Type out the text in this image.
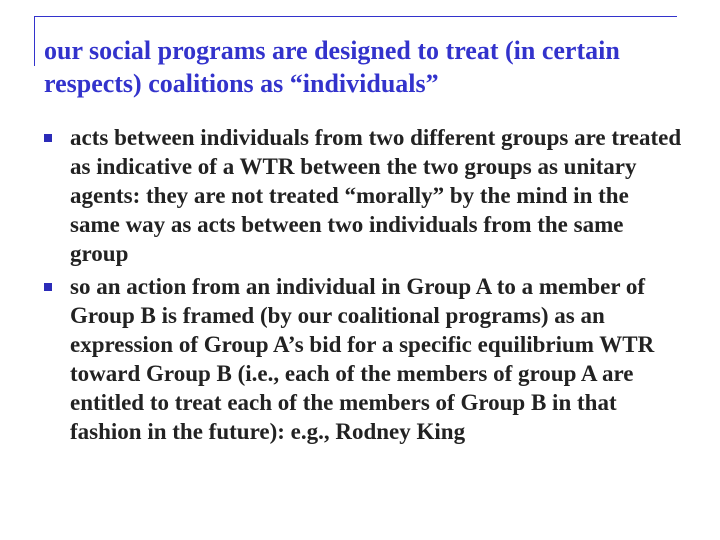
our social programs are designed to treat (in certain respects) coalitions as “individuals”
acts between individuals from two different groups are treated as indicative of a WTR between the two groups as unitary agents: they are not treated “morally” by the mind in the same way as acts between two individuals from the same group
so an action from an individual in Group A to a member of Group B is framed (by our coalitional programs) as an expression of Group A’s bid for a specific equilibrium WTR toward Group B (i.e., each of the members of group A are entitled to treat each of the members of Group B in that fashion in the future): e.g., Rodney King
